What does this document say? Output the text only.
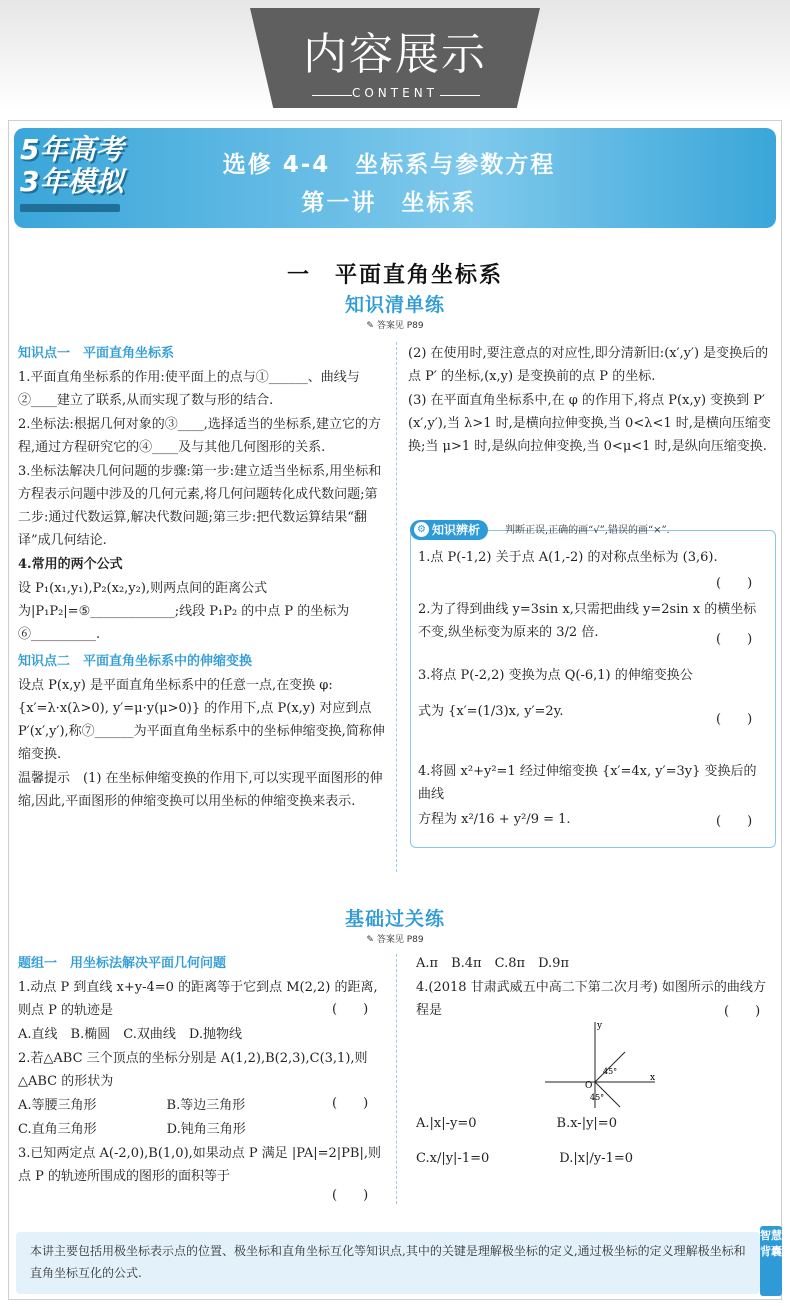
内容展示
CONTENT
5年高考
3年模拟	选修 4-4　坐标系与参数方程
第一讲　坐标系
一　平面直角坐标系
知识清单练
✎ 答案见 P89

知识点一　平面直角坐标系

1.平面直角坐标系的作用:使平面上的点与①______、曲线与②____建立了联系,从而实现了数与形的结合.

2.坐标法:根据几何对象的③____,选择适当的坐标系,建立它的方程,通过方程研究它的④____及与其他几何图形的关系.

3.坐标法解决几何问题的步骤:第一步:建立适当坐标系,用坐标和方程表示问题中涉及的几何元素,将几何问题转化成代数问题;第二步:通过代数运算,解决代数问题;第三步:把代数运算结果“翻译”成几何结论.

4.常用的两个公式

设 P₁(x₁,y₁),P₂(x₂,y₂),则两点间的距离公式为|P₁P₂|=⑤_____________;线段 P₁P₂ 的中点 P 的坐标为⑥__________.

知识点二　平面直角坐标系中的伸缩变换

设点 P(x,y) 是平面直角坐标系中的任意一点,在变换 φ:{x′=λ·x(λ>0), y′=μ·y(μ>0)} 的作用下,点 P(x,y) 对应到点 P′(x′,y′),称⑦______为平面直角坐标系中的坐标伸缩变换,简称伸缩变换.

温馨提示　(1) 在坐标伸缩变换的作用下,可以实现平面图形的伸缩,因此,平面图形的伸缩变换可以用坐标的伸缩变换来表示.

(2) 在使用时,要注意点的对应性,即分清新旧:(x′,y′) 是变换后的点 P′ 的坐标,(x,y) 是变换前的点 P 的坐标.

(3) 在平面直角坐标系中,在 φ 的作用下,将点 P(x,y) 变换到 P′(x′,y′),当 λ>1 时,是横向拉伸变换,当 0<λ<1 时,是横向压缩变换;当 μ>1 时,是纵向拉伸变换,当 0<μ<1 时,是纵向压缩变换.

⚙ 知识辨析	判断正误,正确的画“√”,错误的画“×”.
1.点 P(-1,2) 关于点 A(1,-2) 的对称点坐标为 (3,6).
(　　)
2.为了得到曲线 y=3sin x,只需把曲线 y=2sin x 的横坐标不变,纵坐标变为原来的 3/2 倍.	(　　)
3.将点 P(-2,2) 变换为点 Q(-6,1) 的伸缩变换公
式为 {x′=(1/3)x, y′=2y.
(　　)
4.将圆 x²+y²=1 经过伸缩变换 {x′=4x, y′=3y} 变换后的曲线
方程为 x²/16 + y²/9 = 1.	(　　)
基础过关练
✎ 答案见 P89

题组一　用坐标法解决平面几何问题

1.动点 P 到直线 x+y-4=0 的距离等于它到点 M(2,2) 的距离,则点 P 的轨迹是

A.直线　 B.椭圆　 C.双曲线　 D.抛物线

2.若△ABC 三个顶点的坐标分别是 A(1,2),B(2,3),C(3,1),则△ABC 的形状为

A.等腰三角形	B.等边三角形

C.直角三角形	D.钝角三角形

3.已知两定点 A(-2,0),B(1,0),如果动点 P 满足 |PA|=2|PB|,则点 P 的轨迹所围成的图形的面积等于

(　　)
(　　)
(　　)

A.π　 B.4π　 C.8π　 D.9π

4.(2018 甘肃武威五中高二下第二次月考) 如图所示的曲线方程是	(　　)
y
x
O
45°
45°

A.|x|-y=0	B.x-|y|=0

C.x/|y|-1=0	D.|x|/y-1=0

本讲主要包括用极坐标表示点的位置、极坐标和直角坐标互化等知识点,其中的关键是理解极坐标的定义,通过极坐标的定义理解极坐标和直角坐标互化的公式.
智慧背囊
